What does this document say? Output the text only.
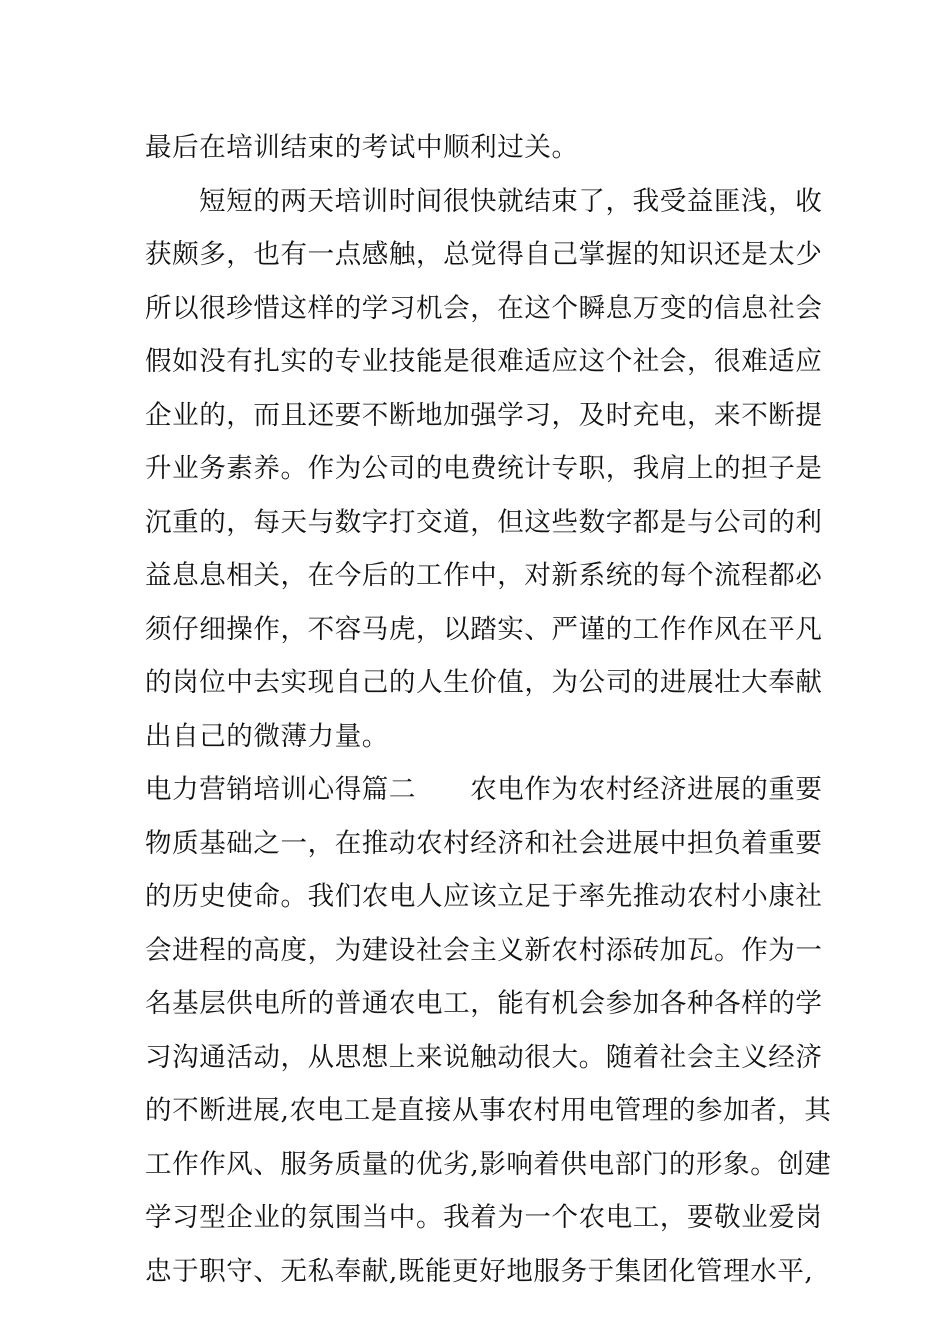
最后在培训结束的考试中顺利过关。
短短的两天培训时间很快就结束了，我受益匪浅，收
获颇多，也有一点感触，总觉得自己掌握的知识还是太少
所以很珍惜这样的学习机会，在这个瞬息万变的信息社会
假如没有扎实的专业技能是很难适应这个社会，很难适应
企业的，而且还要不断地加强学习，及时充电，来不断提
升业务素养。作为公司的电费统计专职，我肩上的担子是
沉重的，每天与数字打交道，但这些数字都是与公司的利
益息息相关，在今后的工作中，对新系统的每个流程都必
须仔细操作，不容马虎，以踏实、严谨的工作作风在平凡
的岗位中去实现自己的人生价值，为公司的进展壮大奉献
出自己的微薄力量。
电力营销培训心得篇二　　农电作为农村经济进展的重要
物质基础之一，在推动农村经济和社会进展中担负着重要
的历史使命。我们农电人应该立足于率先推动农村小康社
会进程的高度，为建设社会主义新农村添砖加瓦。作为一
名基层供电所的普通农电工，能有机会参加各种各样的学
习沟通活动，从思想上来说触动很大。随着社会主义经济
的不断进展,农电工是直接从事农村用电管理的参加者，其
工作作风、服务质量的优劣,影响着供电部门的形象。创建
学习型企业的氛围当中。我着为一个农电工，要敬业爱岗
忠于职守、无私奉献,既能更好地服务于集团化管理水平,
